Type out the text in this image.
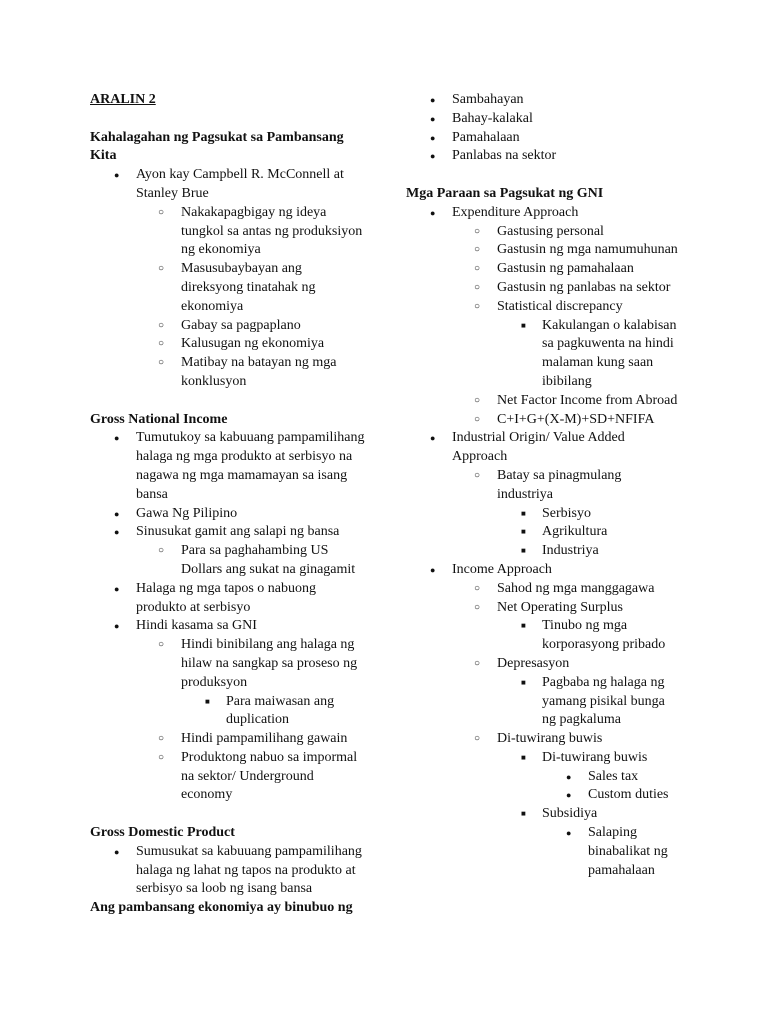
ARALIN 2
Kahalagahan ng Pagsukat sa Pambansang
Kita
● Ayon kay Campbell R. McConnell at
Stanley Brue
○ Nakakapagbigay ng ideya
tungkol sa antas ng produksiyon
ng ekonomiya
○ Masusubaybayan ang
direksyong tinatahak ng
ekonomiya
○ Gabay sa pagpaplano
○ Kalusugan ng ekonomiya
○ Matibay na batayan ng mga
konklusyon
Gross National Income
● Tumutukoy sa kabuuang pampamilihang
halaga ng mga produkto at serbisyo na
nagawa ng mga mamamayan sa isang
bansa
● Gawa Ng Pilipino
● Sinusukat gamit ang salapi ng bansa
○ Para sa paghahambing US
Dollars ang sukat na ginagamit
● Halaga ng mga tapos o nabuong
produkto at serbisyo
● Hindi kasama sa GNI
○ Hindi binibilang ang halaga ng
hilaw na sangkap sa proseso ng
produksyon
■ Para maiwasan ang
duplication
○ Hindi pampamilihang gawain
○ Produktong nabuo sa impormal
na sektor/ Underground
economy
Gross Domestic Product
● Sumusukat sa kabuuang pampamilihang
halaga ng lahat ng tapos na produkto at
serbisyo sa loob ng isang bansa
Ang pambansang ekonomiya ay binubuo ng
● Sambahayan
● Bahay-kalakal
● Pamahalaan
● Panlabas na sektor
Mga Paraan sa Pagsukat ng GNI
● Expenditure Approach
○ Gastusing personal
○ Gastusin ng mga namumuhunan
○ Gastusin ng pamahalaan
○ Gastusin ng panlabas na sektor
○ Statistical discrepancy
■ Kakulangan o kalabisan
sa pagkuwenta na hindi
malaman kung saan
ibibilang
○ Net Factor Income from Abroad
○ C+I+G+(X-M)+SD+NFIFA
● Industrial Origin/ Value Added
Approach
○ Batay sa pinagmulang
industriya
■ Serbisyo
■ Agrikultura
■ Industriya
● Income Approach
○ Sahod ng mga manggagawa
○ Net Operating Surplus
■ Tinubo ng mga
korporasyong pribado
○ Depresasyon
■ Pagbaba ng halaga ng
yamang pisikal bunga
ng pagkaluma
○ Di-tuwirang buwis
■ Di-tuwirang buwis
● Sales tax
● Custom duties
■ Subsidiya
● Salaping
binabalikat ng
pamahalaan
